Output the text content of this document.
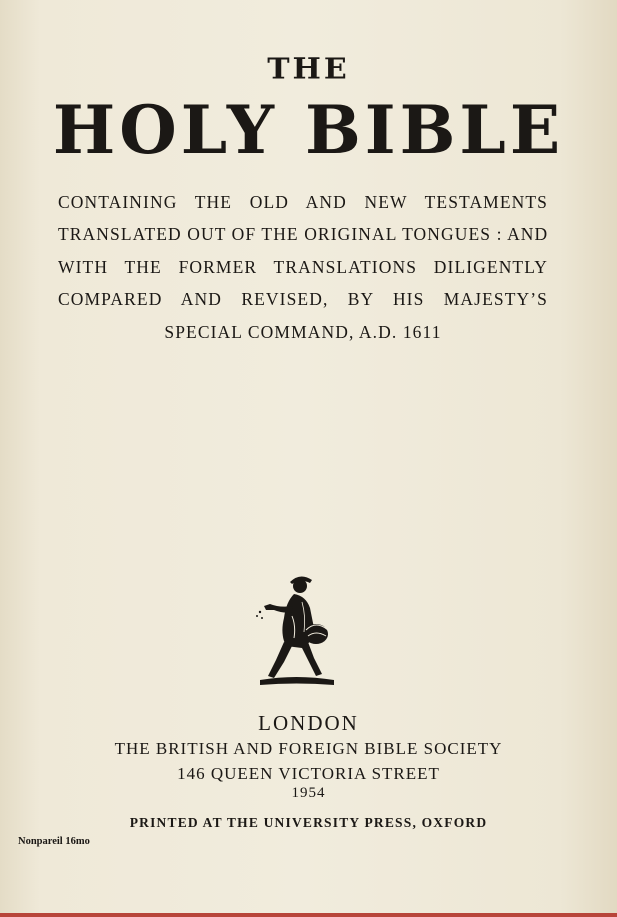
THE
HOLY BIBLE
CONTAINING THE OLD AND NEW TESTAMENTS
TRANSLATED OUT OF THE ORIGINAL TONGUES : AND
WITH THE FORMER TRANSLATIONS DILIGENTLY
COMPARED AND REVISED, BY HIS MAJESTY’S
SPECIAL COMMAND, A.D. 1611
LONDON
THE BRITISH AND FOREIGN BIBLE SOCIETY
146 QUEEN VICTORIA STREET
1954
PRINTED AT THE UNIVERSITY PRESS, OXFORD
Nonpareil 16mo
